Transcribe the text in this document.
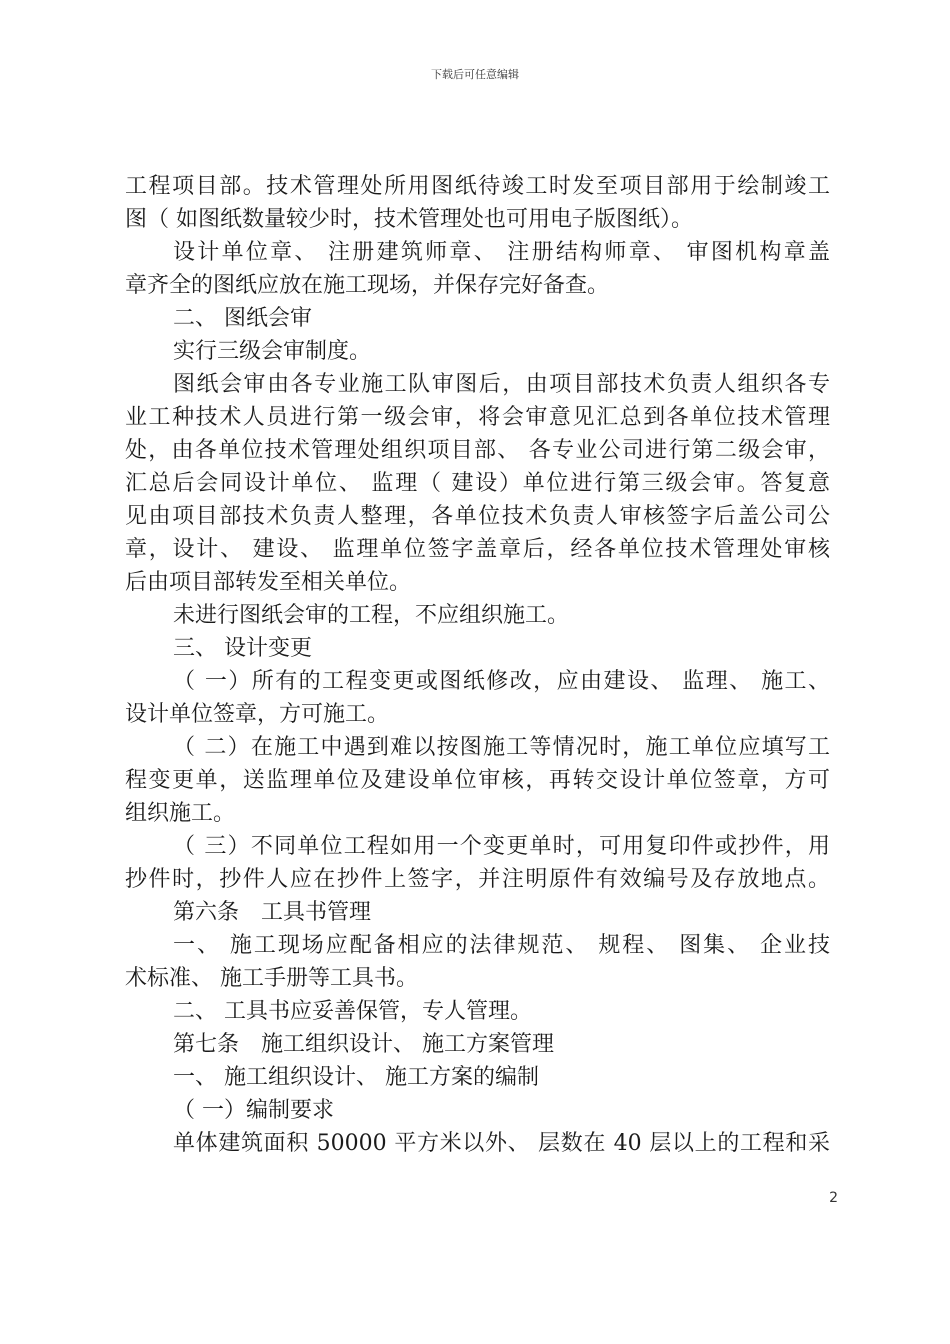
下载后可任意编辑
工程项目部。技术管理处所用图纸待竣工时发至项目部用于绘制竣工
图（ 如图纸数量较少时，技术管理处也可用电子版图纸）。
设计单位章、 注册建筑师章、 注册结构师章、 审图机构章盖
章齐全的图纸应放在施工现场，并保存完好备查。
二、 图纸会审
实行三级会审制度。
图纸会审由各专业施工队审图后，由项目部技术负责人组织各专
业工种技术人员进行第一级会审，将会审意见汇总到各单位技术管理
处，由各单位技术管理处组织项目部、 各专业公司进行第二级会审，
汇总后会同设计单位、 监理（ 建设）单位进行第三级会审。答复意
见由项目部技术负责人整理，各单位技术负责人审核签字后盖公司公
章，设计、 建设、 监理单位签字盖章后，经各单位技术管理处审核
后由项目部转发至相关单位。
未进行图纸会审的工程，不应组织施工。
三、 设计变更
（ 一）所有的工程变更或图纸修改，应由建设、 监理、 施工、
设计单位签章，方可施工。
（ 二）在施工中遇到难以按图施工等情况时，施工单位应填写工
程变更单，送监理单位及建设单位审核，再转交设计单位签章，方可
组织施工。
（ 三）不同单位工程如用一个变更单时，可用复印件或抄件，用
抄件时，抄件人应在抄件上签字，并注明原件有效编号及存放地点。
第六条　工具书管理
一、 施工现场应配备相应的法律规范、 规程、 图集、 企业技
术标准、 施工手册等工具书。
二、 工具书应妥善保管，专人管理。
第七条　施工组织设计、 施工方案管理
一、 施工组织设计、 施工方案的编制
（ 一）编制要求
单体建筑面积 50000 平方米以外、 层数在 40 层以上的工程和采
2
